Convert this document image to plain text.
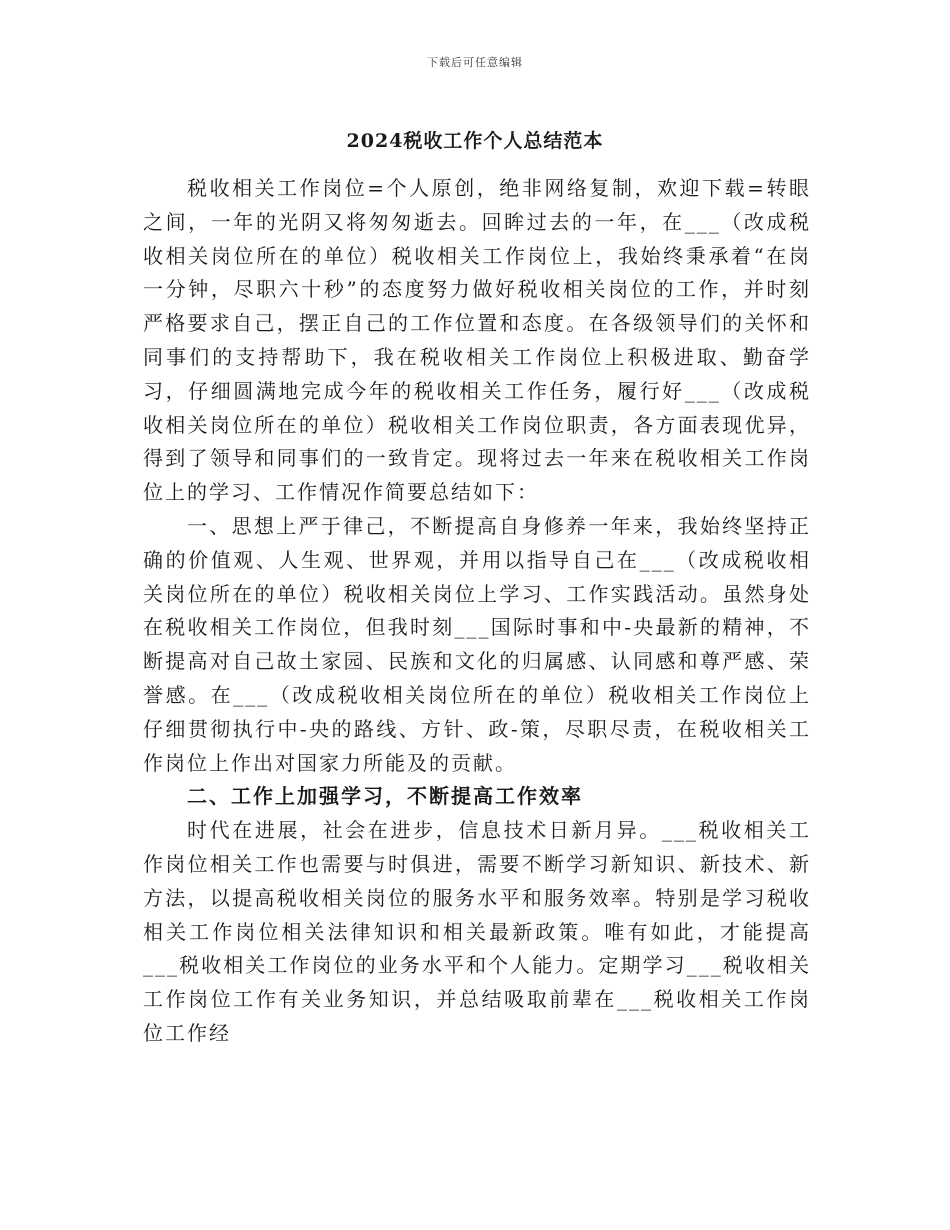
下载后可任意编辑
2024税收工作个人总结范本

税收相关工作岗位=个人原创，绝非网络复制，欢迎下载=转眼之间，一年的光阴又将匆匆逝去。回眸过去的一年，在___（改成税收相关岗位所在的单位）税收相关工作岗位上，我始终秉承着“在岗一分钟，尽职六十秒”的态度努力做好税收相关岗位的工作，并时刻严格要求自己，摆正自己的工作位置和态度。在各级领导们的关怀和同事们的支持帮助下，我在税收相关工作岗位上积极进取、勤奋学习，仔细圆满地完成今年的税收相关工作任务，履行好___（改成税收相关岗位所在的单位）税收相关工作岗位职责，各方面表现优异，得到了领导和同事们的一致肯定。现将过去一年来在税收相关工作岗位上的学习、工作情况作简要总结如下：

一、思想上严于律己，不断提高自身修养一年来，我始终坚持正确的价值观、人生观、世界观，并用以指导自己在___（改成税收相关岗位所在的单位）税收相关岗位上学习、工作实践活动。虽然身处在税收相关工作岗位，但我时刻___国际时事和中-央最新的精神，不断提高对自己故土家园、民族和文化的归属感、认同感和尊严感、荣誉感。在___（改成税收相关岗位所在的单位）税收相关工作岗位上仔细贯彻执行中-央的路线、方针、政-策，尽职尽责，在税收相关工作岗位上作出对国家力所能及的贡献。

二、工作上加强学习，不断提高工作效率

时代在进展，社会在进步，信息技术日新月异。___税收相关工作岗位相关工作也需要与时俱进，需要不断学习新知识、新技术、新方法，以提高税收相关岗位的服务水平和服务效率。特别是学习税收相关工作岗位相关法律知识和相关最新政策。唯有如此，才能提高___税收相关工作岗位的业务水平和个人能力。定期学习___税收相关工作岗位工作有关业务知识，并总结吸取前辈在___税收相关工作岗位工作经
